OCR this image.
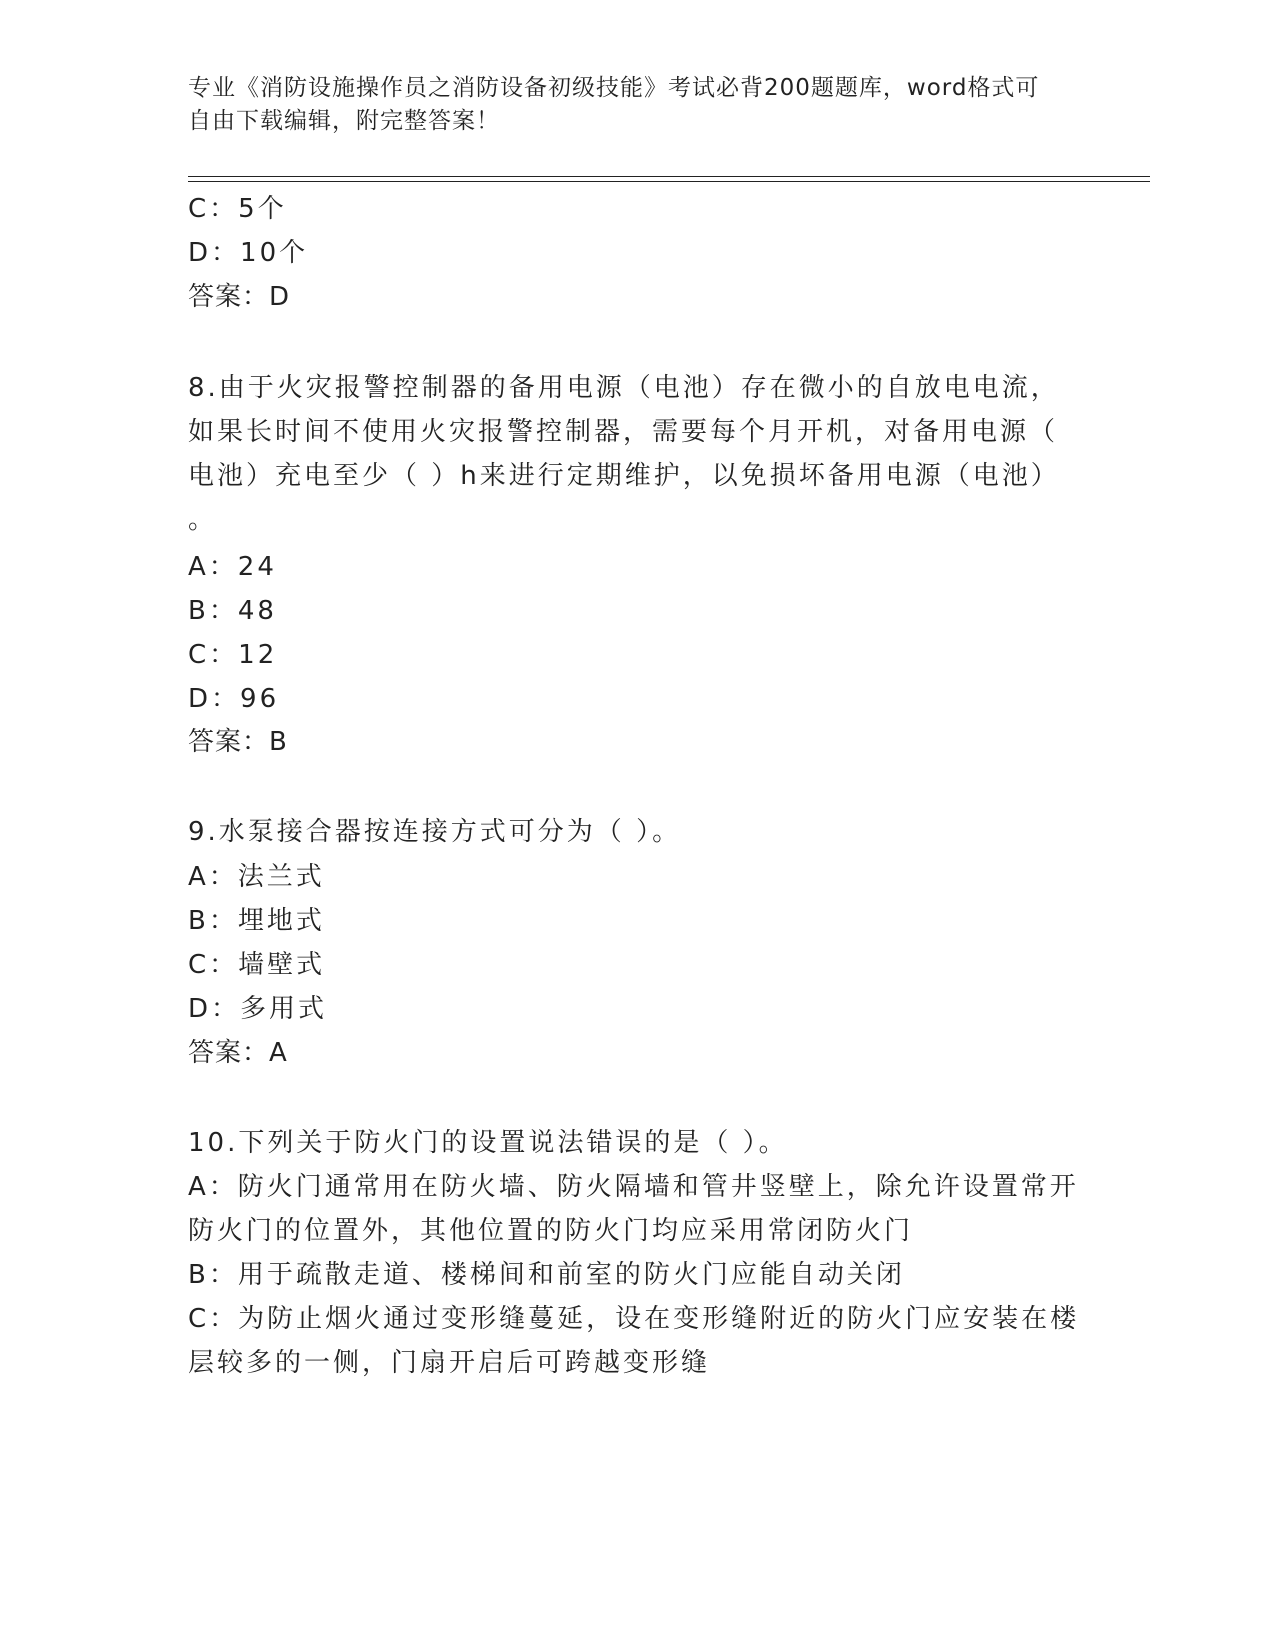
专业《消防设施操作员之消防设备初级技能》考试必背200题题库，word格式可
自由下载编辑，附完整答案！
C：5个
D：10个
答案：D
8.由于火灾报警控制器的备用电源（电池）存在微小的自放电电流，
如果长时间不使用火灾报警控制器，需要每个月开机，对备用电源（
电池）充电至少（ ）h来进行定期维护，以免损坏备用电源（电池）
。
A：24
B：48
C：12
D：96
答案：B
9.水泵接合器按连接方式可分为（ ）。
A：法兰式
B：埋地式
C：墙壁式
D：多用式
答案：A
10.下列关于防火门的设置说法错误的是（ ）。
A：防火门通常用在防火墙、防火隔墙和管井竖壁上，除允许设置常开
防火门的位置外，其他位置的防火门均应采用常闭防火门
B：用于疏散走道、楼梯间和前室的防火门应能自动关闭
C：为防止烟火通过变形缝蔓延，设在变形缝附近的防火门应安装在楼
层较多的一侧，门扇开启后可跨越变形缝
